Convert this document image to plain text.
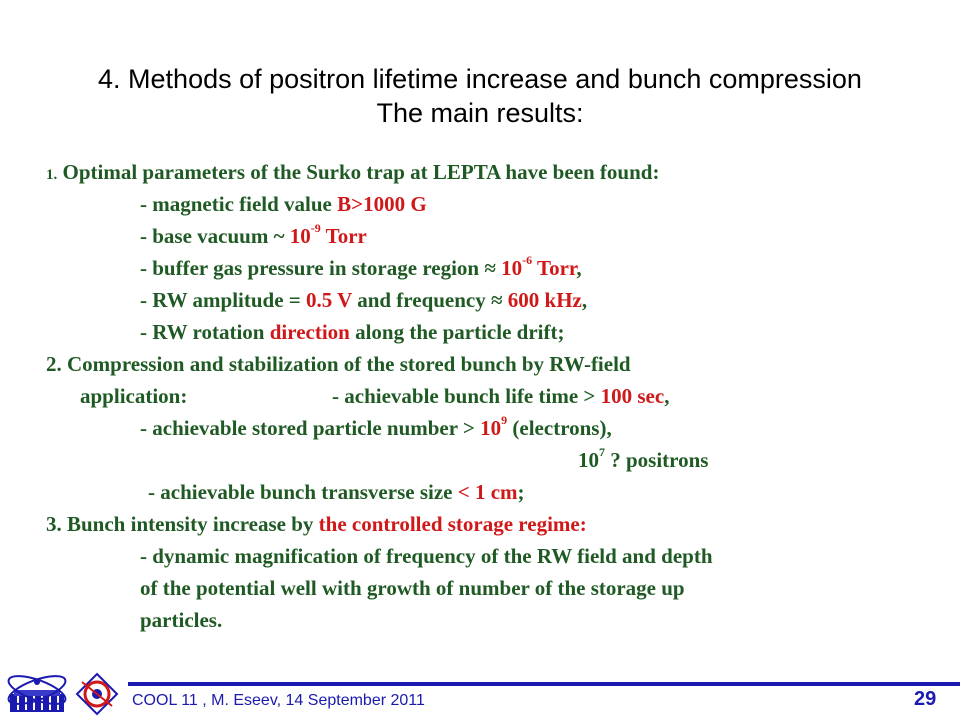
4. Methods of positron lifetime increase and bunch compression
The main results:
1. Optimal parameters of the Surko trap at LEPTA have been found:
- magnetic field value B>1000 G
- base vacuum ~ $10^{-9}$ Torr
- buffer gas pressure in storage region ≈ $10^{-6}$ Torr,
- RW amplitude = 0.5 V and frequency ≈ 600 kHz,
- RW rotation direction along the particle drift;
2. Compression and stabilization of the stored bunch by RW-field
application:	- achievable bunch life time > 100 sec,
- achievable stored particle number > $10^9$ (electrons),
$10^7$ ? positrons
- achievable bunch transverse size < 1 cm;
3. Bunch intensity increase by the controlled storage regime:
- dynamic magnification of frequency of the RW field and depth
of the potential well with growth of number of the storage up
particles.
COOL 11 , M. Eseev, 14 September 2011	29
